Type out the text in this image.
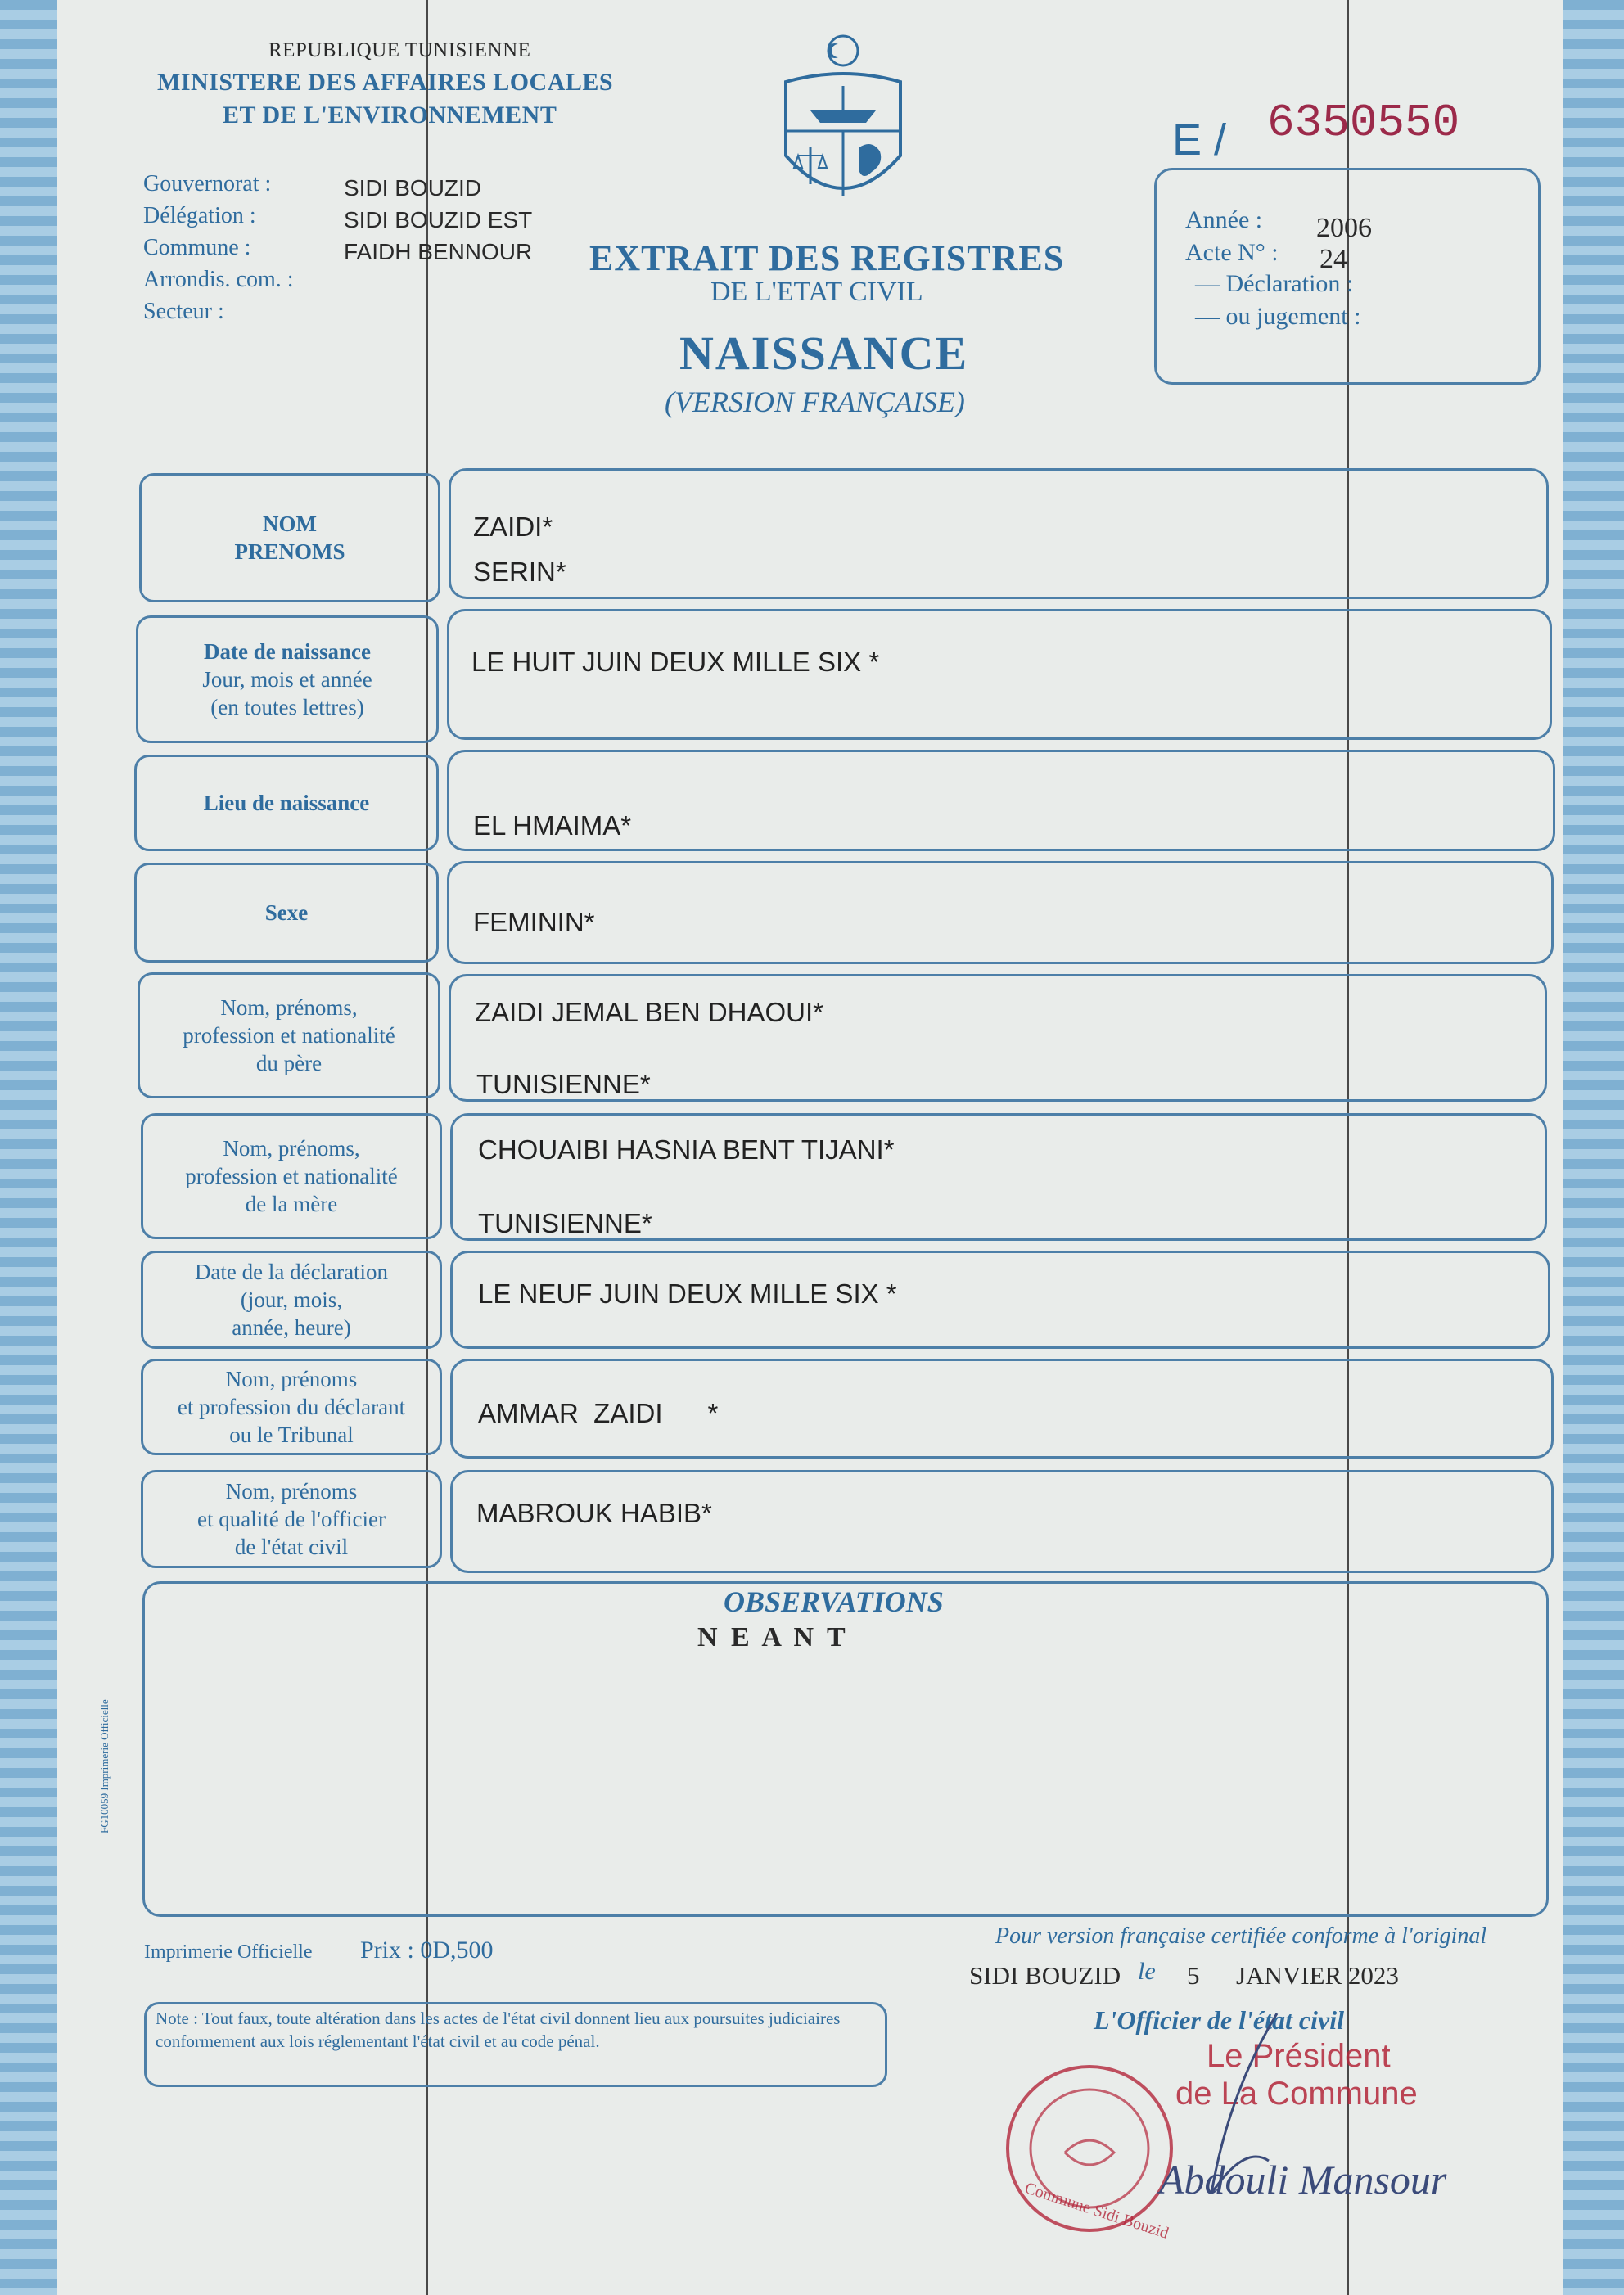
REPUBLIQUE TUNISIENNE
MINISTERE DES AFFAIRES LOCALES
ET DE L'ENVIRONNEMENT
E / 6350550
Gouvernorat :
Délégation :
Commune :
Arrondis. com. :
Secteur :
SIDI BOUZID
SIDI BOUZID EST
FAIDH BENNOUR EXTRAIT DES REGISTRES
DE L'ETAT CIVIL
NAISSANCE
(VERSION FRANÇAISE)
Année : 2006
Acte N° : 24
— Déclaration :
— ou jugement :
NOM
PRENOMS
ZAIDI*
SERIN*
Date de naissance
Jour, mois et année
(en toutes lettres)
LE HUIT JUIN DEUX MILLE SIX *
Lieu de naissance
EL HMAIMA*
Sexe	FEMININ*
Nom, prénoms,
profession et nationalité
du père
ZAIDI JEMAL BEN DHAOUI*
TUNISIENNE*
Nom, prénoms,
profession et nationalité
de la mère
CHOUAIBI HASNIA BENT TIJANI*
TUNISIENNE*
Date de la déclaration
(jour, mois,
année, heure)
LE NEUF JUIN DEUX MILLE SIX *
Nom, prénoms
et profession du déclarant
ou le Tribunal
AMMAR  ZAIDI      *
Nom, prénoms
et qualité de l'officier
de l'état civil
MABROUK HABIB*
OBSERVATIONS
N E A N T
FG10059 Imprimerie Officielle
Imprimerie Officielle Prix : 0D,500
Note : Tout faux, toute altération dans les actes de l'état civil donnent lieu aux poursuites judiciaires conformement aux lois réglementant l'état civil et au code pénal.
Pour version française certifiée conforme à l'original
SIDI BOUZID le 5 JANVIER 2023
L'Officier de l'état civil
Commune Sidi Bouzid
Le Président
de La Commune
Abdouli Mansour
